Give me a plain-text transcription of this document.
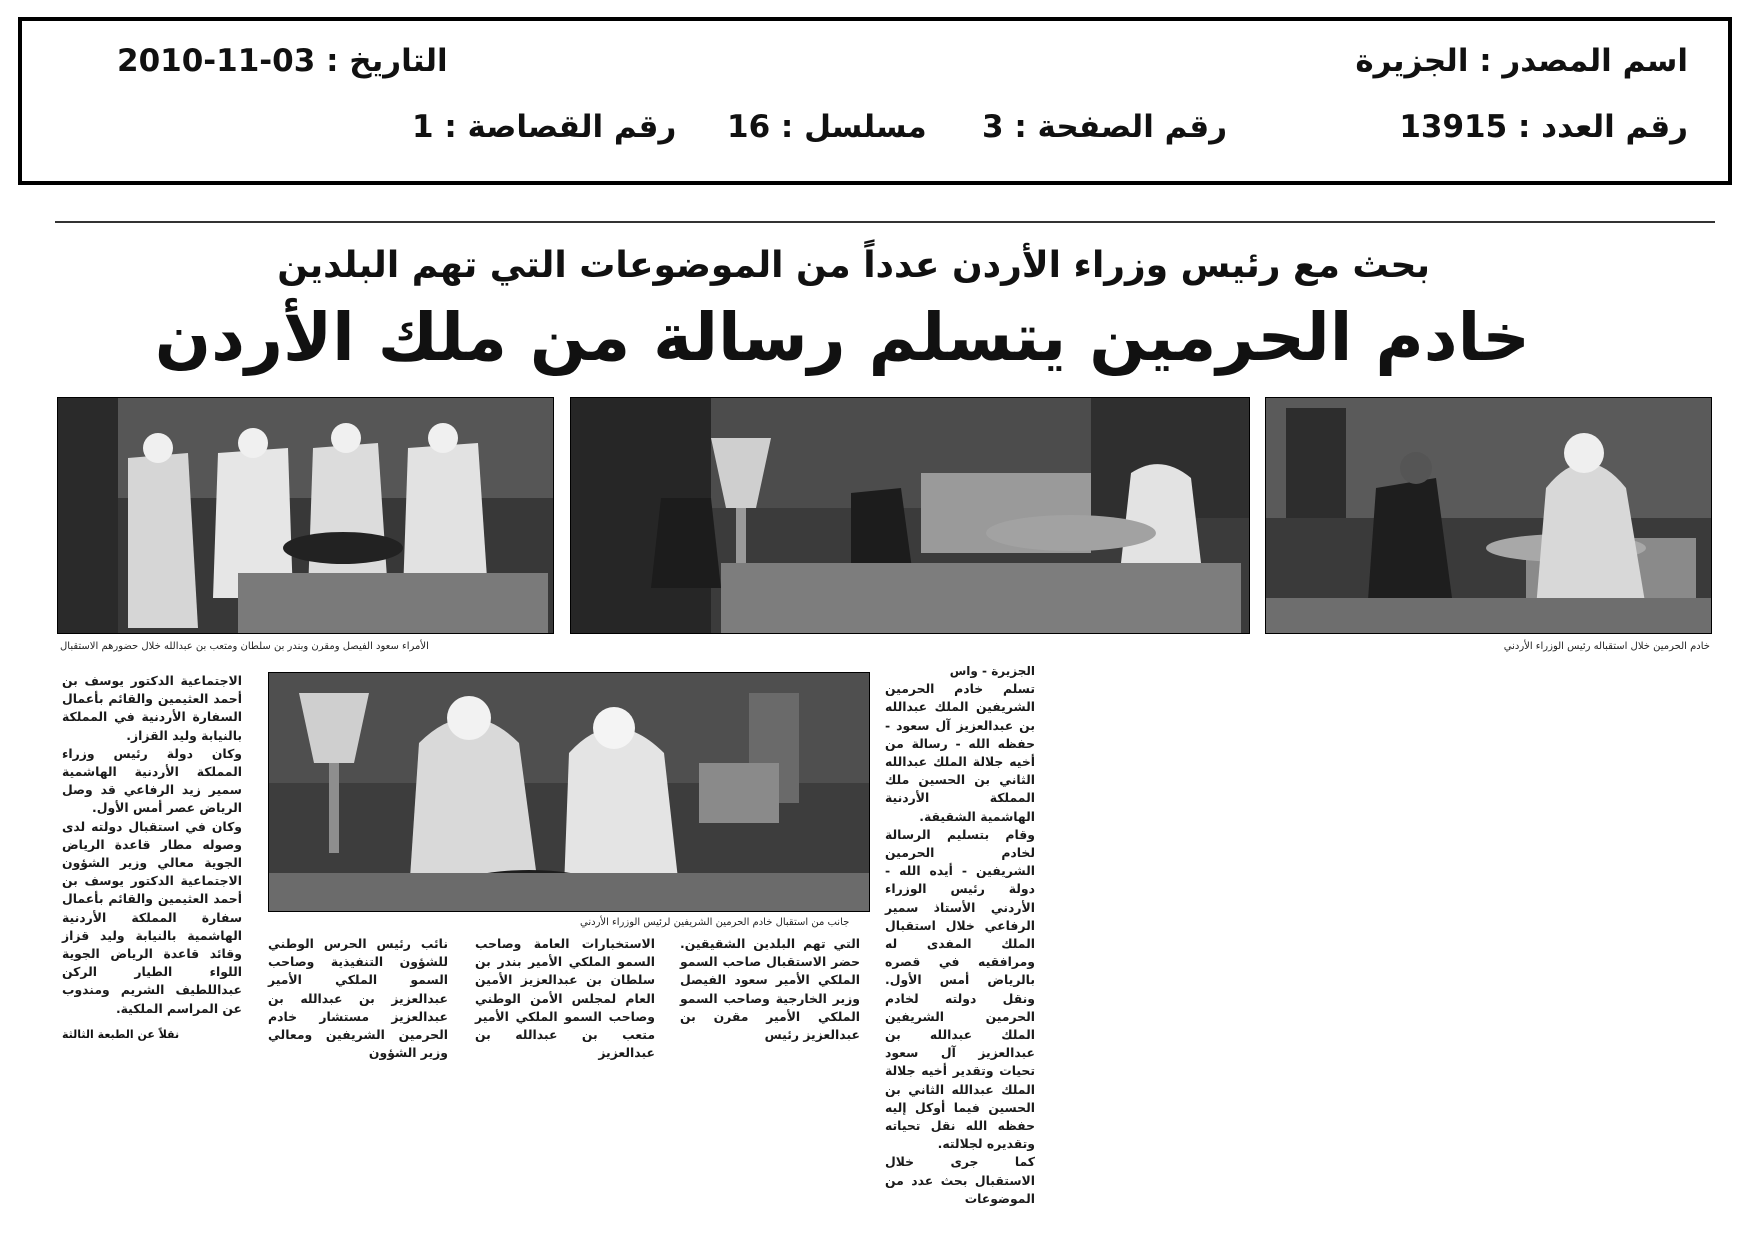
اسم المصدر : الجزيرة
التاريخ : 03-11-2010
رقم العدد : 13915
رقم الصفحة : 3
مسلسل : 16
رقم القصاصة : 1
بحث مع رئيس وزراء الأردن عدداً من الموضوعات التي تهم البلدين
خادم الحرمين يتسلم رسالة من ملك الأردن
خادم الحرمين خلال استقباله رئيس الوزراء الأردني
الأمراء سعود الفيصل ومقرن وبندر بن سلطان ومتعب بن عبدالله خلال حضورهم الاستقبال
جانب من استقبال خادم الحرمين الشريفين لرئيس الوزراء الأردني

الجزيرة - واس

تسلم خادم الحرمين الشريفين الملك عبدالله بن عبدالعزيز آل سعود - حفظه الله - رسالة من أخيه جلالة الملك عبدالله الثاني بن الحسين ملك المملكة الأردنية الهاشمية الشقيقة.

وقام بتسليم الرسالة لخادم الحرمين الشريفين - أيده الله - دولة رئيس الوزراء الأردني الأستاذ سمير الرفاعي خلال استقبال الملك المفدى له ومرافقيه في قصره بالرياض أمس الأول. ونقل دولته لخادم الحرمين الشريفين الملك عبدالله بن عبدالعزيز آل سعود تحيات وتقدير أخيه جلالة الملك عبدالله الثاني بن الحسين فيما أوكل إليه حفظه الله نقل تحياته وتقديره لجلالته.

كما جرى خلال الاستقبال بحث عدد من الموضوعات

التي تهم البلدين الشقيقين. حضر الاستقبال صاحب السمو الملكي الأمير سعود الفيصل وزير الخارجية وصاحب السمو الملكي الأمير مقرن بن عبدالعزيز رئيس

الاستخبارات العامة وصاحب السمو الملكي الأمير بندر بن سلطان بن عبدالعزيز الأمين العام لمجلس الأمن الوطني وصاحب السمو الملكي الأمير متعب بن عبدالله بن عبدالعزيز

نائب رئيس الحرس الوطني للشؤون التنفيذية وصاحب السمو الملكي الأمير عبدالعزيز بن عبدالله بن عبدالعزيز مستشار خادم الحرمين الشريفين ومعالي وزير الشؤون

الاجتماعية الدكتور يوسف بن أحمد العثيمين والقائم بأعمال السفارة الأردنية في المملكة بالنيابة وليد القزاز.

وكان دولة رئيس وزراء المملكة الأردنية الهاشمية سمير زيد الرفاعي قد وصل الرياض عصر أمس الأول.

وكان في استقبال دولته لدى وصوله مطار قاعدة الرياض الجوية معالي وزير الشؤون الاجتماعية الدكتور يوسف بن أحمد العثيمين والقائم بأعمال سفارة المملكة الأردنية الهاشمية بالنيابة وليد قزاز وقائد قاعدة الرياض الجوية اللواء الطيار الركن عبداللطيف الشريم ومندوب عن المراسم الملكية.

نقلاً عن الطبعة الثالثة
